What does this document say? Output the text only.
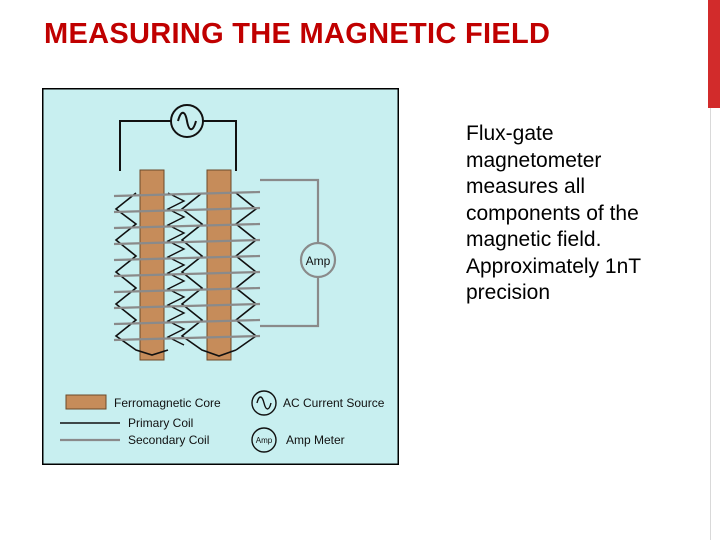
MEASURING THE MAGNETIC FIELD
Amp
Ferromagnetic Core
Primary Coil
Secondary Coil
AC Current Source
Amp Amp Meter
Flux-gate
magnetometer
measures all
components of the
magnetic field.
Approximately 1nT
precision
